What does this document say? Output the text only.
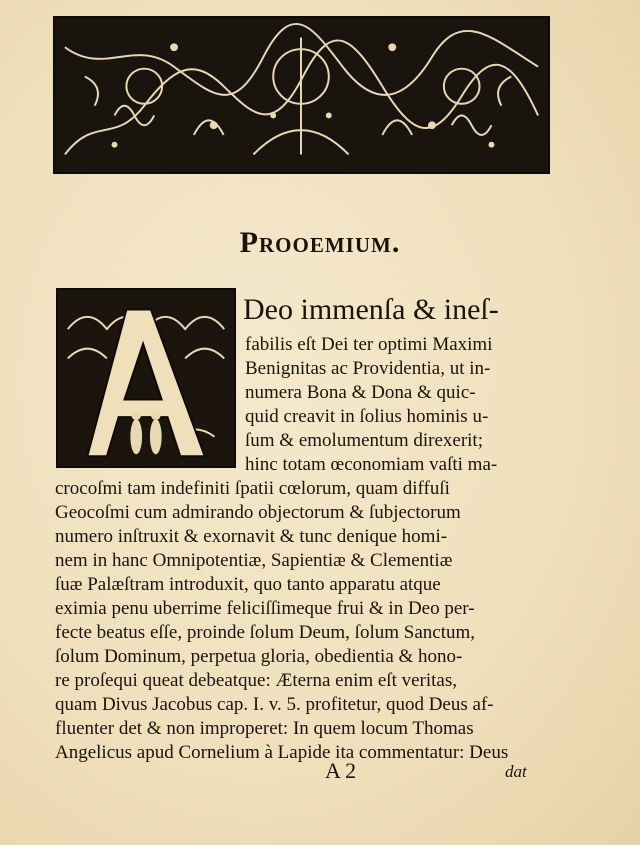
Prooemium.
Deo immenſa & ineſ-
fabilis eſt Dei ter optimi Maximi
Benignitas ac Providentia, ut in-
numera Bona & Dona & quic-
quid creavit in ſolius hominis u-
ſum & emolumentum direxerit;
hinc totam œconomiam vaſti ma-
crocoſmi tam indefiniti ſpatii cœlorum, quam diffuſi
Geocoſmi cum admirando objectorum & ſubjectorum
numero inſtruxit & exornavit & tunc denique homi-
nem in hanc Omnipotentiæ, Sapientiæ & Clementiæ
ſuæ Palæſtram introduxit, quo tanto apparatu atque
eximia penu uberrime feliciſſimeque frui & in Deo per-
fecte beatus eſſe, proinde ſolum Deum, ſolum Sanctum,
ſolum Dominum, perpetua gloria, obedientia & hono-
re proſequi queat debeatque: Æterna enim eſt veritas,
quam Divus Jacobus cap. I. v. 5. profitetur, quod Deus af-
fluenter det & non improperet: In quem locum Thomas
Angelicus apud Cornelium à Lapide ita commentatur: Deus
A 2	dat
